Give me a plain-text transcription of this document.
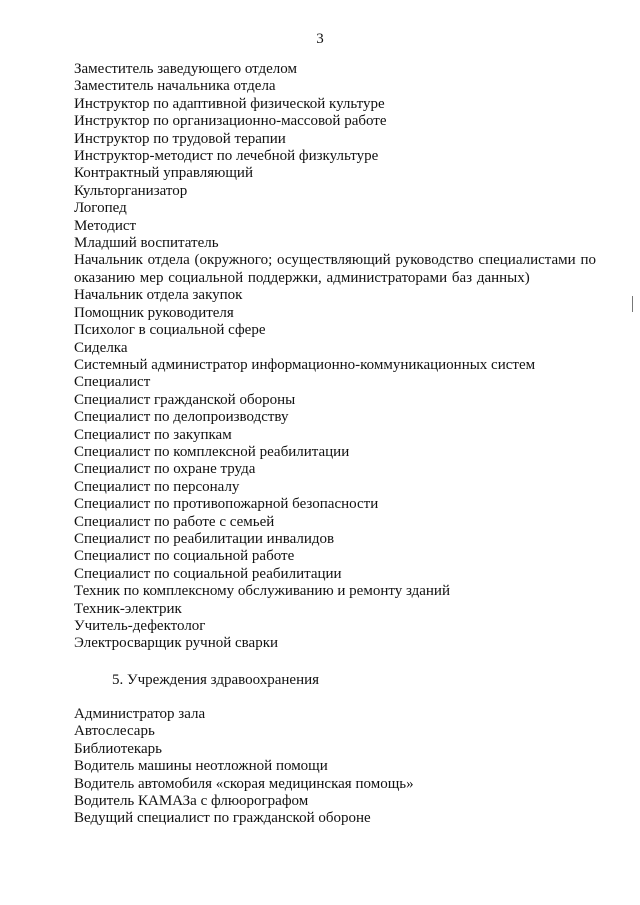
3
Заместитель заведующего отделом
Заместитель начальника отдела
Инструктор по адаптивной физической культуре
Инструктор по организационно-массовой работе
Инструктор по трудовой терапии
Инструктор-методист по лечебной физкультуре
Контрактный управляющий
Культорганизатор
Логопед
Методист
Младший воспитатель
Начальник отдела (окружного; осуществляющий руководство специалистами по оказанию мер социальной поддержки, администраторами баз данных)
Начальник отдела закупок
Помощник руководителя
Психолог в социальной сфере
Сиделка
Системный администратор информационно-коммуникационных систем
Специалист
Специалист гражданской обороны
Специалист по делопроизводству
Специалист по закупкам
Специалист по комплексной реабилитации
Специалист по охране труда
Специалист по персоналу
Специалист по противопожарной безопасности
Специалист по работе с семьей
Специалист по реабилитации инвалидов
Специалист по социальной работе
Специалист по социальной реабилитации
Техник по комплексному обслуживанию и ремонту зданий
Техник-электрик
Учитель-дефектолог
Электросварщик ручной сварки
5. Учреждения здравоохранения
Администратор зала
Автослесарь
Библиотекарь
Водитель машины неотложной помощи
Водитель автомобиля «скорая медицинская помощь»
Водитель КАМАЗа с флюорографом
Ведущий специалист по гражданской обороне
